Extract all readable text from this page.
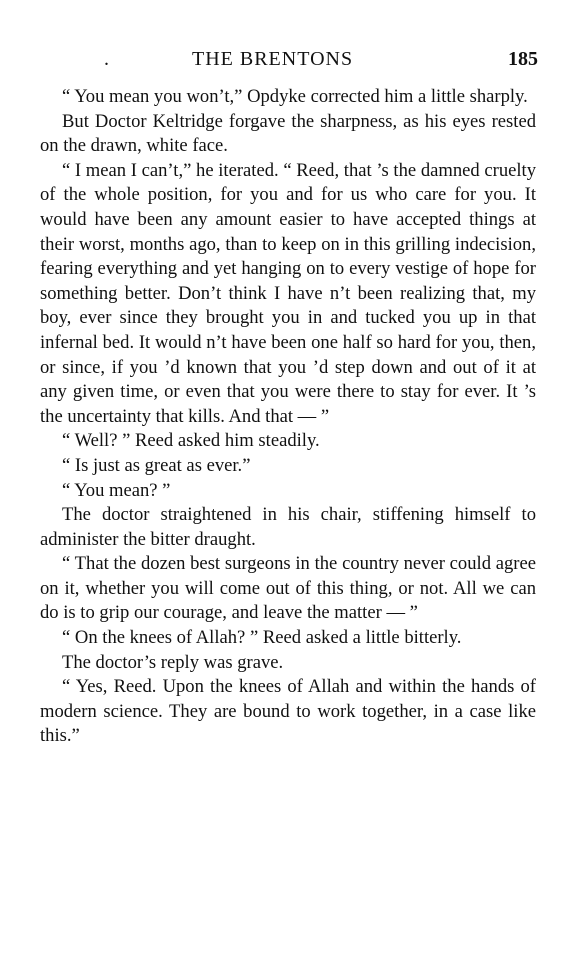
.	THE BRENTONS	185

“ You mean you won’t,” Opdyke corrected him a little sharply.

But Doctor Keltridge forgave the sharpness, as his eyes rested on the drawn, white face.

“ I mean I can’t,” he iterated. “ Reed, that ’s the damned cruelty of the whole position, for you and for us who care for you. It would have been any amount easier to have accepted things at their worst, months ago, than to keep on in this grilling indecision, fearing everything and yet hanging on to every vestige of hope for something better. Don’t think I have n’t been realizing that, my boy, ever since they brought you in and tucked you up in that infernal bed. It would n’t have been one half so hard for you, then, or since, if you ’d known that you ’d step down and out of it at any given time, or even that you were there to stay for ever. It ’s the uncertainty that kills. And that — ”

“ Well? ” Reed asked him steadily.

“ Is just as great as ever.”

“ You mean? ”

The doctor straightened in his chair, stiffening himself to administer the bitter draught.

“ That the dozen best surgeons in the country never could agree on it, whether you will come out of this thing, or not. All we can do is to grip our courage, and leave the matter — ”

“ On the knees of Allah? ” Reed asked a little bitterly.

The doctor’s reply was grave.

“ Yes, Reed. Upon the knees of Allah and within the hands of modern science. They are bound to work together, in a case like this.”
